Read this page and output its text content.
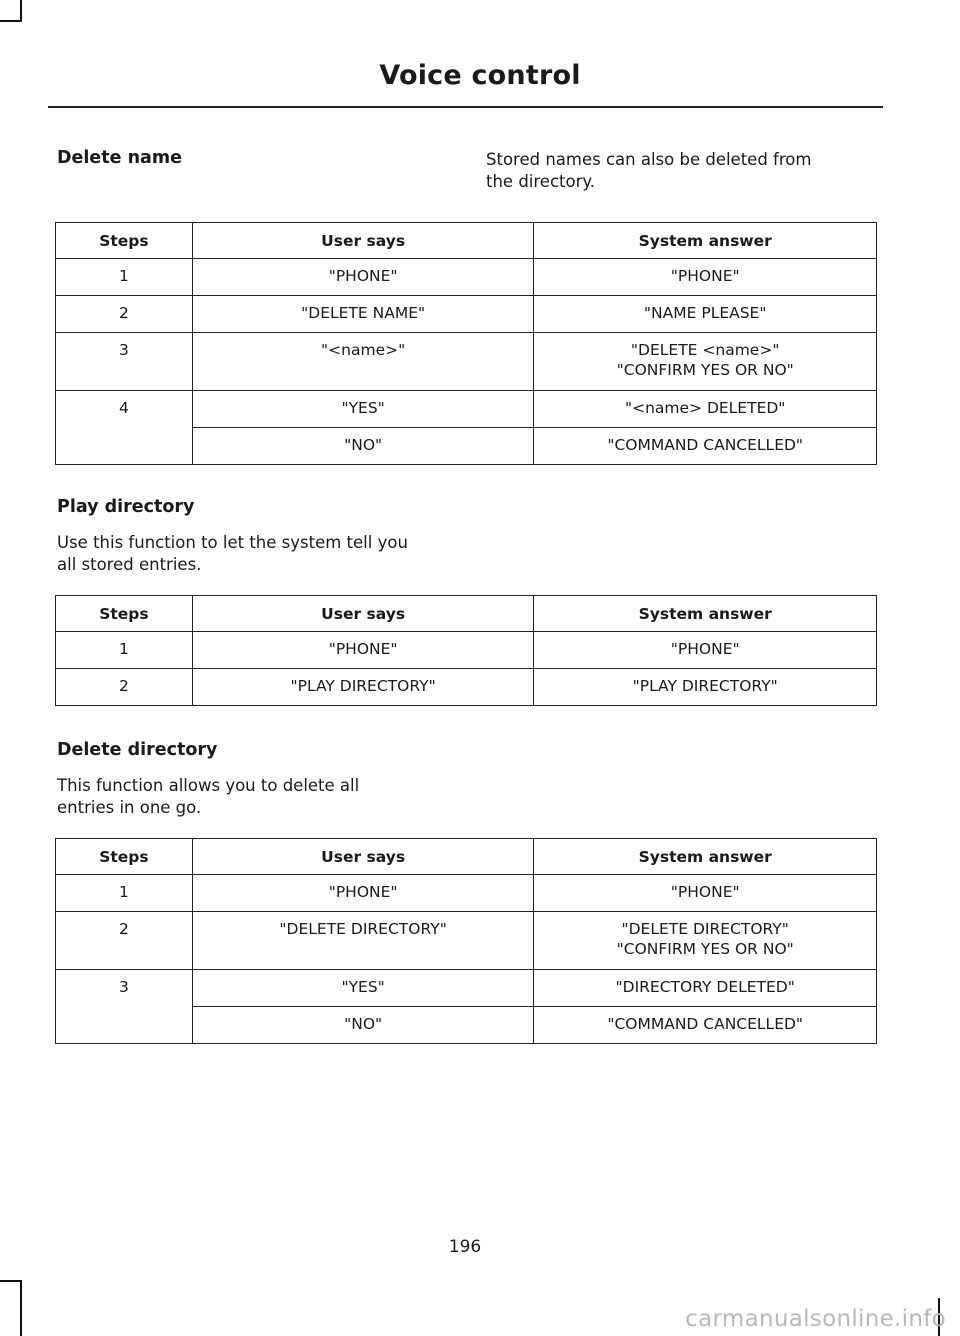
Voice control
Delete name	Stored names can also be deleted from
the directory.
Steps	User says	System answer
1	"PHONE"	"PHONE"

2	"DELETE NAME"	"NAME PLEASE"

3	"<name>"	"DELETE <name>"
"CONFIRM YES OR NO"

4	"YES"	"<name> DELETED"

	"NO"	"COMMAND CANCELLED"
Play directory
Use this function to let the system tell you
all stored entries.
Steps	User says	System answer
1	"PHONE"	"PHONE"

2	"PLAY DIRECTORY"	"PLAY DIRECTORY"
Delete directory
This function allows you to delete all
entries in one go.
Steps	User says	System answer
1	"PHONE"	"PHONE"

2	"DELETE DIRECTORY"	"DELETE DIRECTORY"
"CONFIRM YES OR NO"

3	"YES"	"DIRECTORY DELETED"

	"NO"	"COMMAND CANCELLED"
196
carmanualsonline.info
